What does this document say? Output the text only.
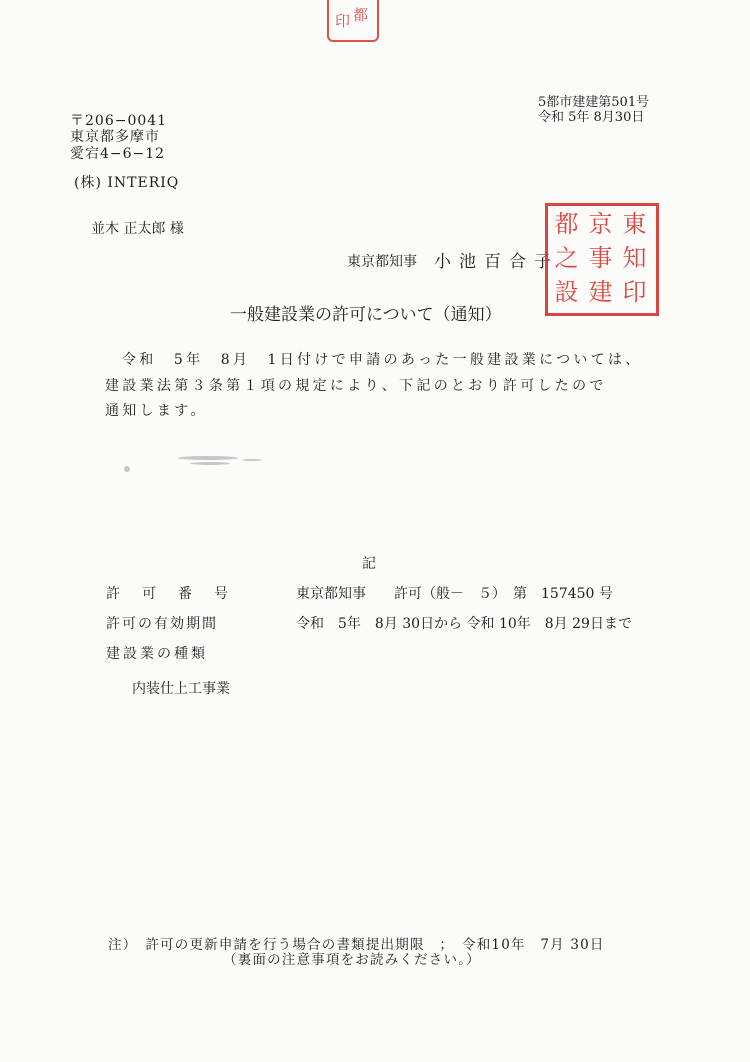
印 都
5都市建建第501号
令和 5年 8月30日
〒206−0041
東京都多摩市
愛宕4−6−12
(株) INTERIQ
並木 正太郎 様
東京都知事 小池百合子
東
京
都
知
事
之
印
建
設
一般建設業の許可について（通知）
令和　5年　8月　1日付けで申請のあった一般建設業については、
建設業法第３条第１項の規定により、下記のとおり許可したので
通知します。
記
許　可　番　号	東京都知事　　許可（般－　５）　第　157450 号
許可の有効期間	令和　5年　8月 30日から 令和 10年　8月 29日まで
建設業の種類
内装仕上工事業
注）　許可の更新申請を行う場合の書類提出期限　；　令和10年　7月 30日
（裏面の注意事項をお読みください。）
